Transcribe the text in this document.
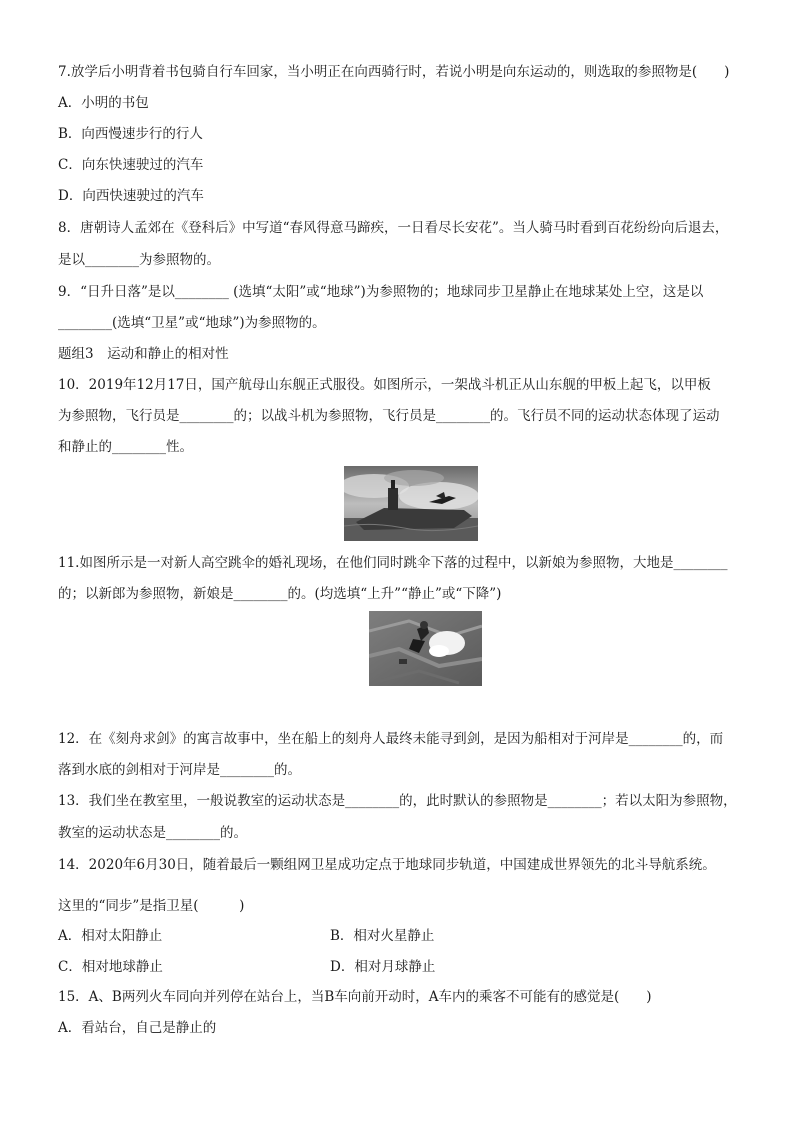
7.放学后小明背着书包骑自行车回家，当小明正在向西骑行时，若说小明是向东运动的，则选取的参照物是(　　)
A．小明的书包
B．向西慢速步行的行人
C．向东快速驶过的汽车
D．向西快速驶过的汽车
8．唐朝诗人孟郊在《登科后》中写道“春风得意马蹄疾，一日看尽长安花”。当人骑马时看到百花纷纷向后退去，
是以________为参照物的。
9．“日升日落”是以________ (选填“太阳”或“地球”)为参照物的；地球同步卫星静止在地球某处上空，这是以
________(选填“卫星”或“地球”)为参照物的。
题组3　运动和静止的相对性
10．2019年12月17日，国产航母山东舰正式服役。如图所示，一架战斗机正从山东舰的甲板上起飞，以甲板
为参照物，飞行员是________的；以战斗机为参照物，飞行员是________的。飞行员不同的运动状态体现了运动
和静止的________性。
11.如图所示是一对新人高空跳伞的婚礼现场，在他们同时跳伞下落的过程中，以新娘为参照物，大地是________
的；以新郎为参照物，新娘是________的。(均选填“上升”“静止”或“下降”)
12．在《刻舟求剑》的寓言故事中，坐在船上的刻舟人最终未能寻到剑，是因为船相对于河岸是________的，而
落到水底的剑相对于河岸是________的。
13．我们坐在教室里，一般说教室的运动状态是________的，此时默认的参照物是________；若以太阳为参照物，
教室的运动状态是________的。
14．2020年6月30日，随着最后一颗组网卫星成功定点于地球同步轨道，中国建成世界领先的北斗导航系统。
这里的“同步”是指卫星(　　　)
A．相对太阳静止	B．相对火星静止
C．相对地球静止	D．相对月球静止
15．A、B两列火车同向并列停在站台上，当B车向前开动时，A车内的乘客不可能有的感觉是(　　)
A．看站台，自己是静止的
